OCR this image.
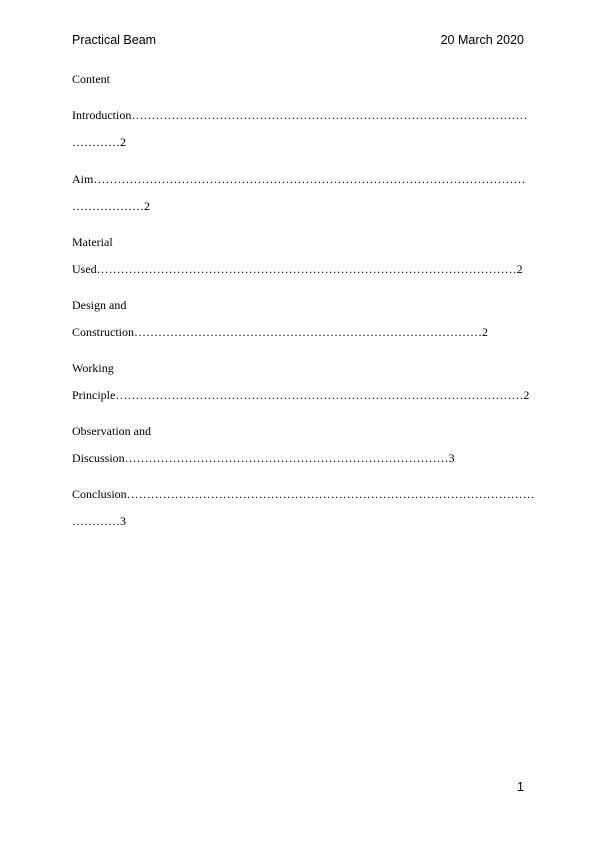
Practical Beam	20 March 2020
Content
Introduction………………………………………………………………………………………
…………2
Aim………………………………………………………………………………………………
………………2
Material
Used……………………………………………………………………………………………2
Design and
Construction……………………………………………………………………………2
Working
Principle…………………………………………………………………………………………2
Observation and
Discussion………………………………………………………………………3
Conclusion…………………………………………………………………………………………
…………3
1
